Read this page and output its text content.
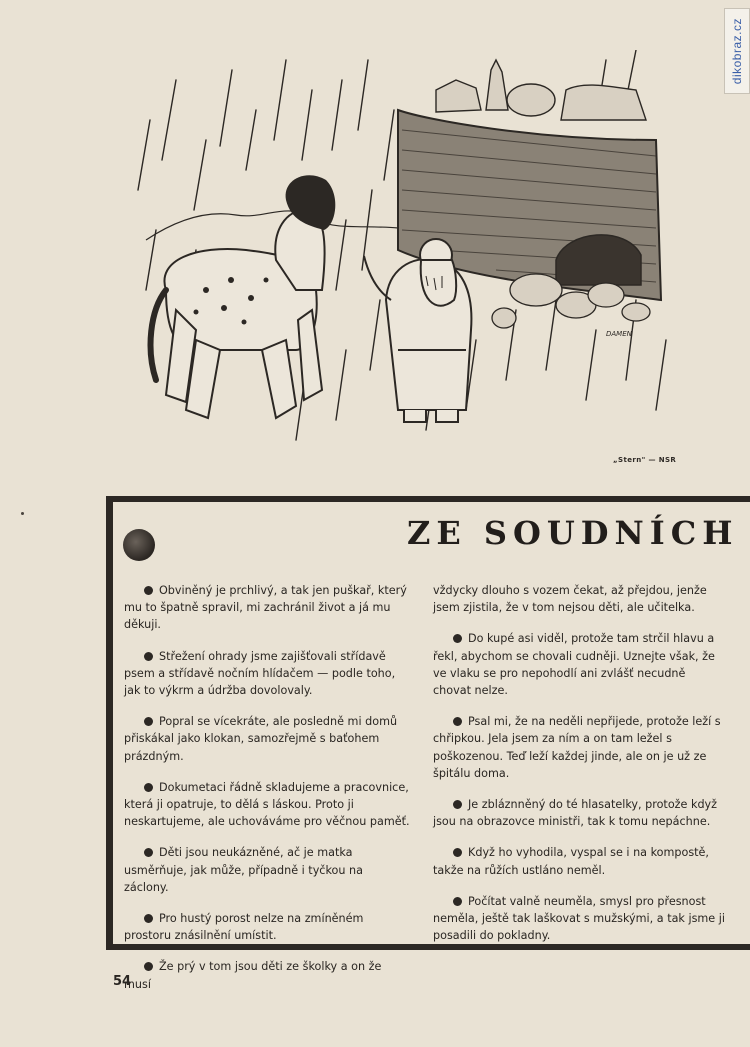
dikobraz.cz
DAMEN
„Stern" — NSR
ZE SOUDNÍCH

Obviněný je prchlivý, a tak jen puškař, který mu to špatně spravil, mi zachránil život a já mu děkuji.

Střežení ohrady jsme zajišťovali střídavě psem a střídavě nočním hlídačem — podle toho, jak to výkrm a údržba dovolovaly.

Popral se vícekráte, ale posledně mi domů přiskákal jako klokan, samozřejmě s baťohem prázdným.

Dokumetaci řádně skladujeme a pracovnice, která ji opatruje, to dělá s láskou. Proto ji neskartujeme, ale uchováváme pro věčnou paměť.

Děti jsou neukázněné, ač je matka usměrňuje, jak může, případně i tyčkou na záclony.

Pro hustý porost nelze na zmíněném prostoru znásilnění umístit.

Že prý v tom jsou děti ze školky a on že musí

vždycky dlouho s vozem čekat, až přejdou, jenže jsem zjistila, že v tom nejsou děti, ale učitelka.

Do kupé asi viděl, protože tam strčil hlavu a řekl, abychom se chovali cudněji. Uznejte však, že ve vlaku se pro nepohodlí ani zvlášť necudně chovat nelze.

Psal mi, že na neděli nepřijede, protože leží s chřipkou. Jela jsem za ním a on tam ležel s poškozenou. Teď leží každej jinde, ale on je už ze špitálu doma.

Je zbláznněný do té hlasatelky, protože když jsou na obrazovce ministři, tak k tomu nepáchne.

Když ho vyhodila, vyspal se i na kompostě, takže na růžích ustláno neměl.

Počítat valně neuměla, smysl pro přesnost neměla, ještě tak laškovat s mužskými, a tak jsme ji posadili do pokladny.

54
